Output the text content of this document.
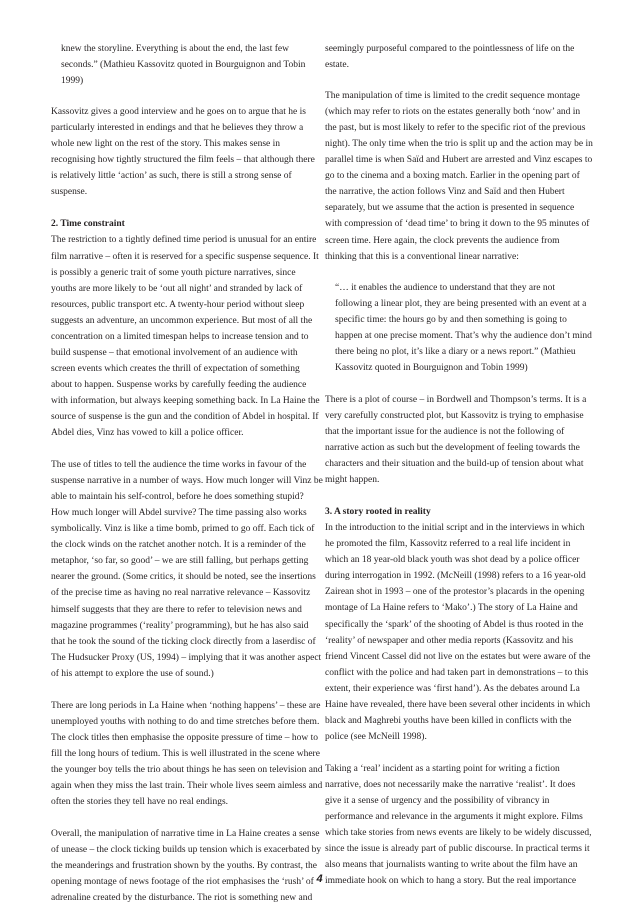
knew the storyline. Everything is about the end, the last few seconds.” (Mathieu Kassovitz quoted in Bourguignon and Tobin 1999)

Kassovitz gives a good interview and he goes on to argue that he is particularly interested in endings and that he believes they throw a whole new light on the rest of the story. This makes sense in recognising how tightly structured the film feels – that although there is relatively little ‘action’ as such, there is still a strong sense of suspense.

2. Time constraint

The restriction to a tightly defined time period is unusual for an entire film narrative – often it is reserved for a specific suspense sequence. It is possibly a generic trait of some youth picture narratives, since youths are more likely to be ‘out all night’ and stranded by lack of resources, public transport etc. A twenty-hour period without sleep suggests an adventure, an uncommon experience. But most of all the concentration on a limited timespan helps to increase tension and to build suspense – that emotional involvement of an audience with screen events which creates the thrill of expectation of something about to happen. Suspense works by carefully feeding the audience with information, but always keeping something back. In La Haine the source of suspense is the gun and the condition of Abdel in hospital. If Abdel dies, Vinz has vowed to kill a police officer.

The use of titles to tell the audience the time works in favour of the suspense narrative in a number of ways. How much longer will Vinz be able to maintain his self-control, before he does something stupid? How much longer will Abdel survive? The time passing also works symbolically. Vinz is like a time bomb, primed to go off. Each tick of the clock winds on the ratchet another notch. It is a reminder of the metaphor, ‘so far, so good’ – we are still falling, but perhaps getting nearer the ground. (Some critics, it should be noted, see the insertions of the precise time as having no real narrative relevance – Kassovitz himself suggests that they are there to refer to television news and magazine programmes (‘reality’ programming), but he has also said that he took the sound of the ticking clock directly from a laserdisc of The Hudsucker Proxy (US, 1994) – implying that it was another aspect of his attempt to explore the use of sound.)

There are long periods in La Haine when ‘nothing happens’ – these are unemployed youths with nothing to do and time stretches before them. The clock titles then emphasise the opposite pressure of time – how to fill the long hours of tedium. This is well illustrated in the scene where the younger boy tells the trio about things he has seen on television and again when they miss the last train. Their whole lives seem aimless and often the stories they tell have no real endings.

Overall, the manipulation of narrative time in La Haine creates a sense of unease – the clock ticking builds up tension which is exacerbated by the meanderings and frustration shown by the youths. By contrast, the opening montage of news footage of the riot emphasises the ‘rush’ of adrenaline created by the disturbance. The riot is something new and

seemingly purposeful compared to the pointlessness of life on the estate.

The manipulation of time is limited to the credit sequence montage (which may refer to riots on the estates generally both ‘now’ and in the past, but is most likely to refer to the specific riot of the previous night). The only time when the trio is split up and the action may be in parallel time is when Saïd and Hubert are arrested and Vinz escapes to go to the cinema and a boxing match. Earlier in the opening part of the narrative, the action follows Vinz and Saïd and then Hubert separately, but we assume that the action is presented in sequence with compression of ‘dead time’ to bring it down to the 95 minutes of screen time. Here again, the clock prevents the audience from thinking that this is a conventional linear narrative:

“… it enables the audience to understand that they are not following a linear plot, they are being presented with an event at a specific time: the hours go by and then something is going to happen at one precise moment. That’s why the audience don’t mind there being no plot, it’s like a diary or a news report.” (Mathieu Kassovitz quoted in Bourguignon and Tobin 1999)

There is a plot of course – in Bordwell and Thompson’s terms. It is a very carefully constructed plot, but Kassovitz is trying to emphasise that the important issue for the audience is not the following of narrative action as such but the development of feeling towards the characters and their situation and the build-up of tension about what might happen.

3. A story rooted in reality

In the introduction to the initial script and in the interviews in which he promoted the film, Kassovitz referred to a real life incident in which an 18 year-old black youth was shot dead by a police officer during interrogation in 1992. (McNeill (1998) refers to a 16 year-old Zairean shot in 1993 – one of the protestor’s placards in the opening montage of La Haine refers to ‘Mako’.) The story of La Haine and specifically the ‘spark’ of the shooting of Abdel is thus rooted in the ‘reality’ of newspaper and other media reports (Kassovitz and his friend Vincent Cassel did not live on the estates but were aware of the conflict with the police and had taken part in demonstrations – to this extent, their experience was ‘first hand’). As the debates around La Haine have revealed, there have been several other incidents in which black and Maghrebi youths have been killed in conflicts with the police (see McNeill 1998).

Taking a ‘real’ incident as a starting point for writing a fiction narrative, does not necessarily make the narrative ‘realist’. It does give it a sense of urgency and the possibility of vibrancy in performance and relevance in the arguments it might explore. Films which take stories from news events are likely to be widely discussed, since the issue is already part of public discourse. In practical terms it also means that journalists wanting to write about the film have an immediate hook on which to hang a story. But the real importance

4
